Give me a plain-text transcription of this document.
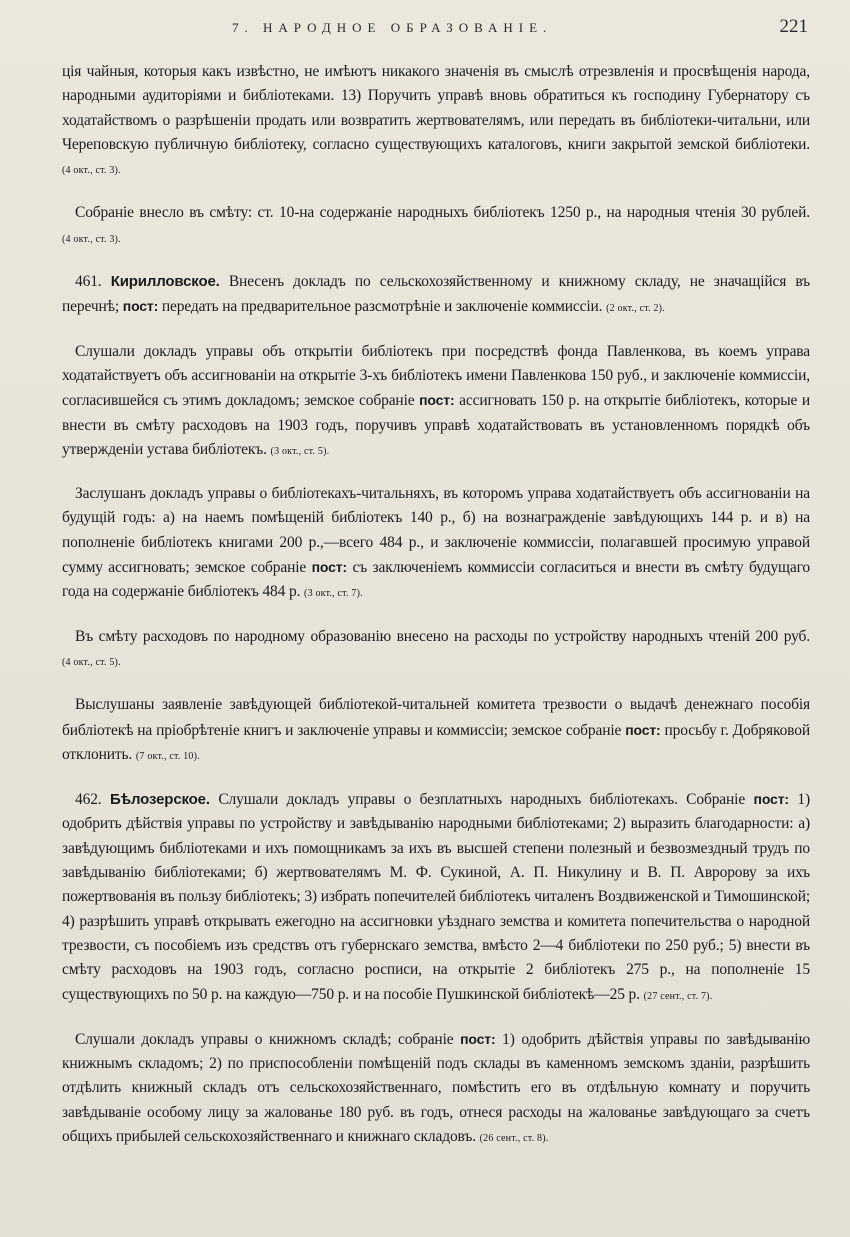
7. НАРОДНОЕ ОБРАЗОВАНІЕ.	221

ція чайныя, которыя какъ извѣстно, не имѣютъ никакого значенія въ смыслѣ отрезвленія и просвѣщенія народа, народными аудиторіями и библіотеками. 13) Поручить управѣ вновь обратиться къ господину Губернатору съ ходатайствомъ о разрѣшеніи продать или возвратить жертвователямъ, или передать въ библіотеки-читальни, или Череповскую публичную библіотеку, согласно существующихъ каталоговъ, книги закрытой земской библіотеки. (4 окт., ст. 3).

Собраніе внесло въ смѣту: ст. 10-на содержаніе народныхъ библіотекъ 1250 р., на народныя чтенія 30 рублей. (4 окт., ст. 3).

461. Кирилловское. Внесенъ докладъ по сельскохозяйственному и книжному складу, не значащійся въ перечнѣ; пост: передать на предварительное разсмотрѣніе и заключеніе коммиссіи. (2 окт., ст. 2).

Слушали докладъ управы объ открытіи библіотекъ при посредствѣ фонда Павленкова, въ коемъ управа ходатайствуетъ объ ассигнованіи на открытіе 3-хъ библіотекъ имени Павленкова 150 руб., и заключеніе коммиссіи, согласившейся съ этимъ докладомъ; земское собраніе пост: ассигновать 150 р. на открытіе библіотекъ, которые и внести въ смѣту расходовъ на 1903 годъ, поручивъ управѣ ходатайствовать въ установленномъ порядкѣ объ утвержденіи устава библіотекъ. (3 окт., ст. 5).

Заслушанъ докладъ управы о библіотекахъ-читальняхъ, въ которомъ управа ходатайствуетъ объ ассигнованіи на будущій годъ: а) на наемъ помѣщеній библіотекъ 140 р., б) на вознагражденіе завѣдующихъ 144 р. и в) на пополненіе библіотекъ книгами 200 р.,—всего 484 р., и заключеніе коммиссіи, полагавшей просимую управой сумму ассигновать; земское собраніе пост: съ заключеніемъ коммиссіи согласиться и внести въ смѣту будущаго года на содержаніе библіотекъ 484 р. (3 окт., ст. 7).

Въ смѣту расходовъ по народному образованію внесено на расходы по устройству народныхъ чтеній 200 руб. (4 окт., ст. 5).

Выслушаны заявленіе завѣдующей библіотекой-читальней комитета трезвости о выдачѣ денежнаго пособія библіотекѣ на пріобрѣтеніе книгъ и заключеніе управы и коммиссіи; земское собраніе пост: просьбу г. Добряковой отклонить. (7 окт., ст. 10).

462. Бѣлозерское. Слушали докладъ управы о безплатныхъ народныхъ библіотекахъ. Собраніе пост: 1) одобрить дѣйствія управы по устройству и завѣдыванію народными библіотеками; 2) выразить благодарности: а) завѣдующимъ библіотеками и ихъ помощникамъ за ихъ въ высшей степени полезный и безвозмездный трудъ по завѣдыванію библіотеками; б) жертвователямъ М. Ф. Сукиной, А. П. Никулину и В. П. Авророву за ихъ пожертвованія въ пользу библіотекъ; 3) избрать попечителей библіотекъ читаленъ Воздвиженской и Тимошинской; 4) разрѣшить управѣ открывать ежегодно на ассигновки уѣзднаго земства и комитета попечительства о народной трезвости, съ пособіемъ изъ средствъ отъ губернскаго земства, вмѣсто 2—4 библіотеки по 250 руб.; 5) внести въ смѣту расходовъ на 1903 годъ, согласно росписи, на открытіе 2 библіотекъ 275 р., на пополненіе 15 существующихъ по 50 р. на каждую—750 р. и на пособіе Пушкинской библіотекѣ—25 р. (27 сент., ст. 7).

Слушали докладъ управы о книжномъ складѣ; собраніе пост: 1) одобрить дѣйствія управы по завѣдыванію книжнымъ складомъ; 2) по приспособленіи помѣщеній подъ склады въ каменномъ земскомъ зданіи, разрѣшить отдѣлить книжный складъ отъ сельскохозяйственнаго, помѣстить его въ отдѣльную комнату и поручить завѣдываніе особому лицу за жалованье 180 руб. въ годъ, отнеся расходы на жалованье завѣдующаго за счетъ общихъ прибылей сельскохозяйственнаго и книжнаго складовъ. (26 сент., ст. 8).
